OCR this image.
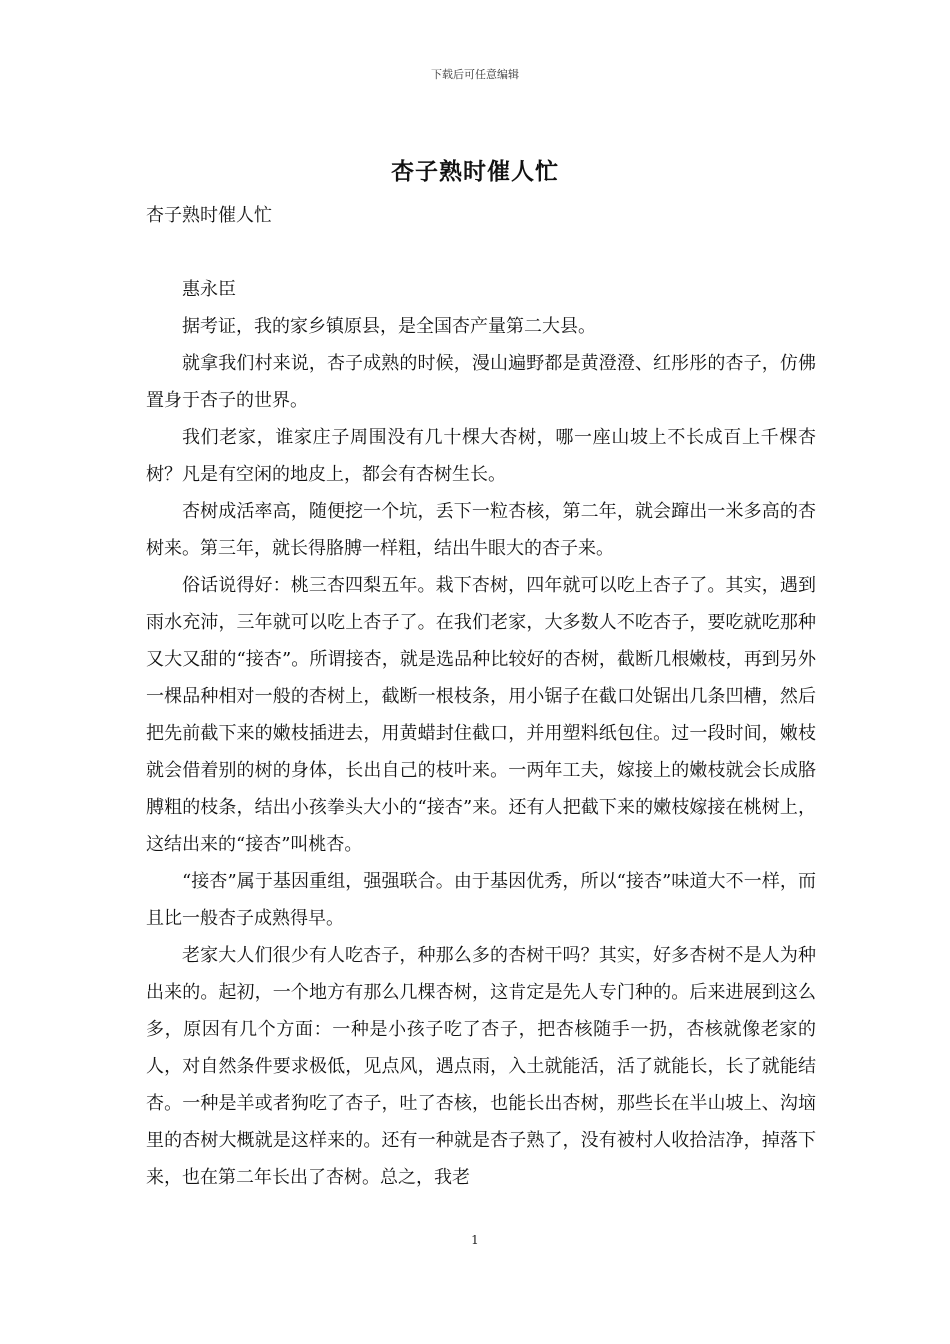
下载后可任意编辑
杏子熟时催人忙

杏子熟时催人忙

惠永臣

据考证，我的家乡镇原县，是全国杏产量第二大县。

就拿我们村来说，杏子成熟的时候，漫山遍野都是黄澄澄、红彤彤的杏子，仿佛置身于杏子的世界。

我们老家，谁家庄子周围没有几十棵大杏树，哪一座山坡上不长成百上千棵杏树？凡是有空闲的地皮上，都会有杏树生长。

杏树成活率高，随便挖一个坑，丢下一粒杏核，第二年，就会蹿出一米多高的杏树来。第三年，就长得胳膊一样粗，结出牛眼大的杏子来。

俗话说得好：桃三杏四梨五年。栽下杏树，四年就可以吃上杏子了。其实，遇到雨水充沛，三年就可以吃上杏子了。在我们老家，大多数人不吃杏子，要吃就吃那种又大又甜的“接杏”。所谓接杏，就是选品种比较好的杏树，截断几根嫩枝，再到另外一棵品种相对一般的杏树上，截断一根枝条，用小锯子在截口处锯出几条凹槽，然后把先前截下来的嫩枝插进去，用黄蜡封住截口，并用塑料纸包住。过一段时间，嫩枝就会借着别的树的身体，长出自己的枝叶来。一两年工夫，嫁接上的嫩枝就会长成胳膊粗的枝条，结出小孩拳头大小的“接杏”来。还有人把截下来的嫩枝嫁接在桃树上，这结出来的“接杏”叫桃杏。

“接杏”属于基因重组，强强联合。由于基因优秀，所以“接杏”味道大不一样，而且比一般杏子成熟得早。

老家大人们很少有人吃杏子，种那么多的杏树干吗？其实，好多杏树不是人为种出来的。起初，一个地方有那么几棵杏树，这肯定是先人专门种的。后来进展到这么多，原因有几个方面：一种是小孩子吃了杏子，把杏核随手一扔，杏核就像老家的人，对自然条件要求极低，见点风，遇点雨，入土就能活，活了就能长，长了就能结杏。一种是羊或者狗吃了杏子，吐了杏核，也能长出杏树，那些长在半山坡上、沟垴里的杏树大概就是这样来的。还有一种就是杏子熟了，没有被村人收拾洁净，掉落下来，也在第二年长出了杏树。总之，我老

1
